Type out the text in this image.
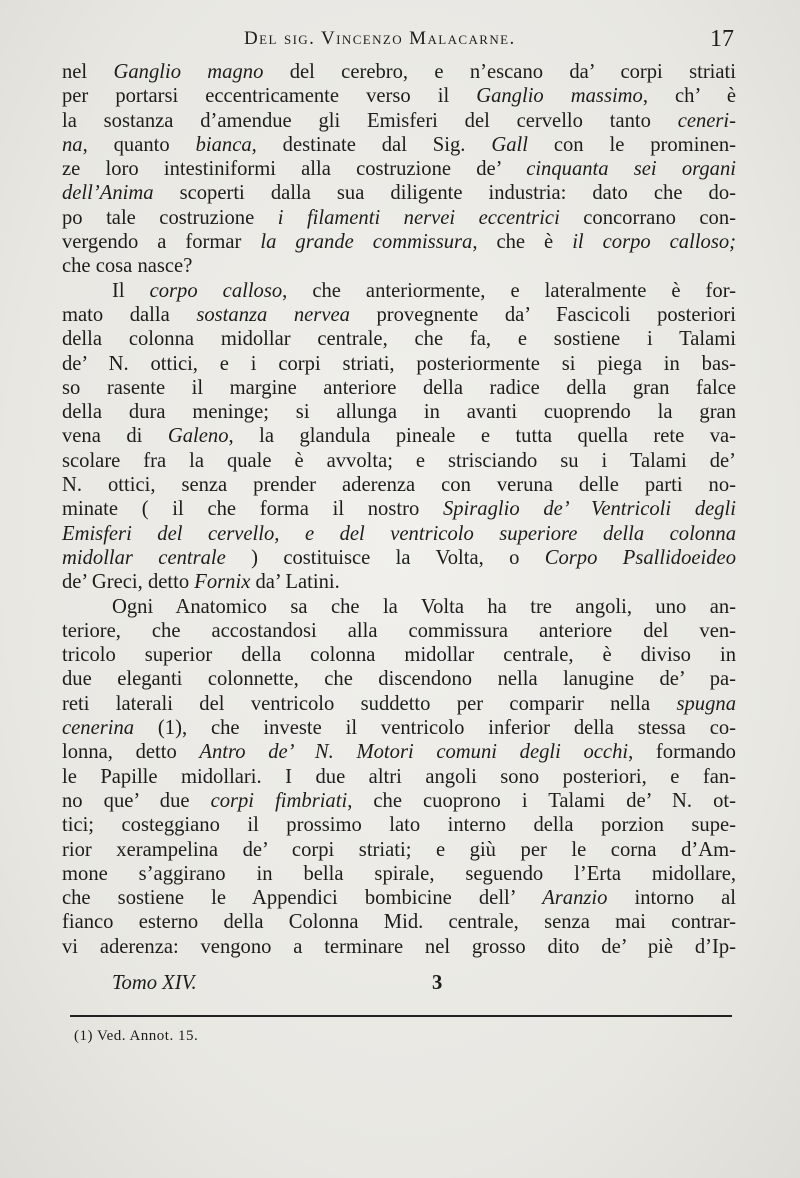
Del sig. Vincenzo Malacarne.	17
nel Ganglio magno del cerebro, e n’escano da’ corpi striati
per portarsi eccentricamente verso il Ganglio massimo, ch’ è
la sostanza d’amendue gli Emisferi del cervello tanto ceneri-
na, quanto bianca, destinate dal Sig. Gall con le prominen-
ze loro intestiniformi alla costruzione de’ cinquanta sei organi
dell’Anima scoperti dalla sua diligente industria: dato che do-
po tale costruzione i filamenti nervei eccentrici concorrano con-
vergendo a formar la grande commissura, che è il corpo calloso;
che cosa nasce?
Il corpo calloso, che anteriormente, e lateralmente è for-
mato dalla sostanza nervea provegnente da’ Fascicoli posteriori
della colonna midollar centrale, che fa, e sostiene i Talami
de’ N. ottici, e i corpi striati, posteriormente si piega in bas-
so rasente il margine anteriore della radice della gran falce
della dura meninge; si allunga in avanti cuoprendo la gran
vena di Galeno, la glandula pineale e tutta quella rete va-
scolare fra la quale è avvolta; e strisciando su i Talami de’
N. ottici, senza prender aderenza con veruna delle parti no-
minate ( il che forma il nostro Spiraglio de’ Ventricoli degli
Emisferi del cervello, e del ventricolo superiore della colonna
midollar centrale ) costituisce la Volta, o Corpo Psallidoeideo
de’ Greci, detto Fornix da’ Latini.
Ogni Anatomico sa che la Volta ha tre angoli, uno an-
teriore, che accostandosi alla commissura anteriore del ven-
tricolo superior della colonna midollar centrale, è diviso in
due eleganti colonnette, che discendono nella lanugine de’ pa-
reti laterali del ventricolo suddetto per comparir nella spugna
cenerina (1), che investe il ventricolo inferior della stessa co-
lonna, detto Antro de’ N. Motori comuni degli occhi, formando
le Papille midollari. I due altri angoli sono posteriori, e fan-
no que’ due corpi fimbriati, che cuoprono i Talami de’ N. ot-
tici; costeggiano il prossimo lato interno della porzion supe-
rior xerampelina de’ corpi striati; e giù per le corna d’Am-
mone s’aggirano in bella spirale, seguendo l’Erta midollare,
che sostiene le Appendici bombicine dell’ Aranzio intorno al
fianco esterno della Colonna Mid. centrale, senza mai contrar-
vi aderenza: vengono a terminare nel grosso dito de’ piè d’Ip-
Tomo XIV.	3
(1) Ved. Annot. 15.
